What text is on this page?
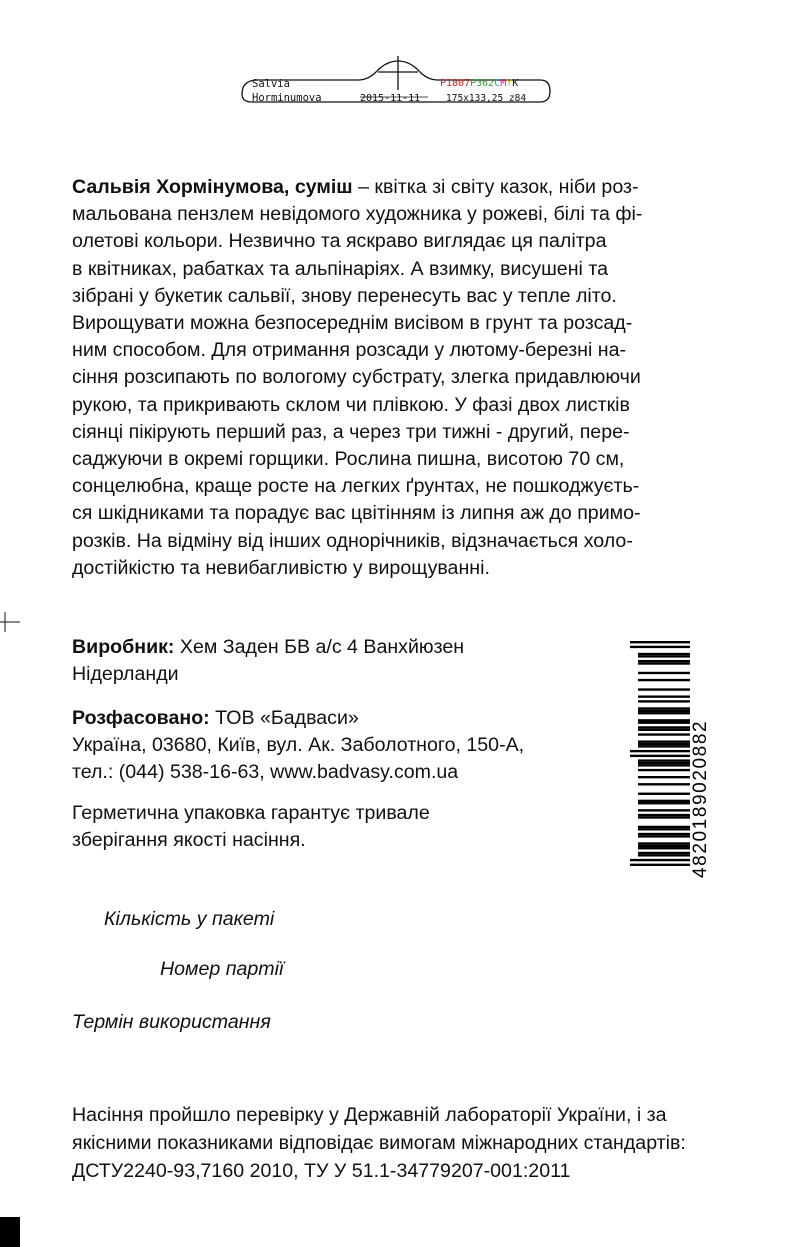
Salvia
Horminumova	2015-11-11
P1807P362CMYK
175x133,25 z84

Сальвія Хормінумова, суміш – квітка зі світу казок, ніби роз-
мальована пензлем невідомого художника у рожеві, білі та фі-
олетові кольори. Незвично та яскраво виглядає ця палітра
в квітниках, рабатках та альпінаріях. А взимку, висушені та
зібрані у букетик сальвії, знову перенесуть вас у тепле літо.
Вирощувати можна безпосереднім висівом в грунт та розсад-
ним способом. Для отримання розсади у лютому-березні на-
сіння розсипають по вологому субстрату, злегка придавлюючи
рукою, та прикривають склом чи плівкою. У фазі двох листків
сіянці пікірують перший раз, а через три тижні - другий, пере-
саджуючи в окремі горщики. Рослина пишна, висотою 70 см,
сонцелюбна, краще росте на легких ґрунтах, не пошкоджуєть-
ся шкідниками та порадує вас цвітінням із липня аж до примо-
розків. На відміну від інших однорічників, відзначається холо-
достійкістю та невибагливістю у вирощуванні.

Виробник: Хем Заден БВ а/с 4 Ванхйюзен
Нідерланди

Розфасовано: ТОВ «Бадваси»
Україна, 03680, Київ, вул. Ак. Заболотного, 150-А,
тел.: (044) 538-16-63, www.badvasy.com.ua

Герметична упаковка гарантує тривале
зберігання якості насіння.

Кількість у пакеті
Номер партії
Термін використання

Насіння пройшло перевірку у Державній лабораторії України, і за
якісними показниками відповідає вимогам міжнародних стандартів:
ДСТУ2240-93,7160 2010, ТУ У 51.1-34779207-001:2011

4820189020882
